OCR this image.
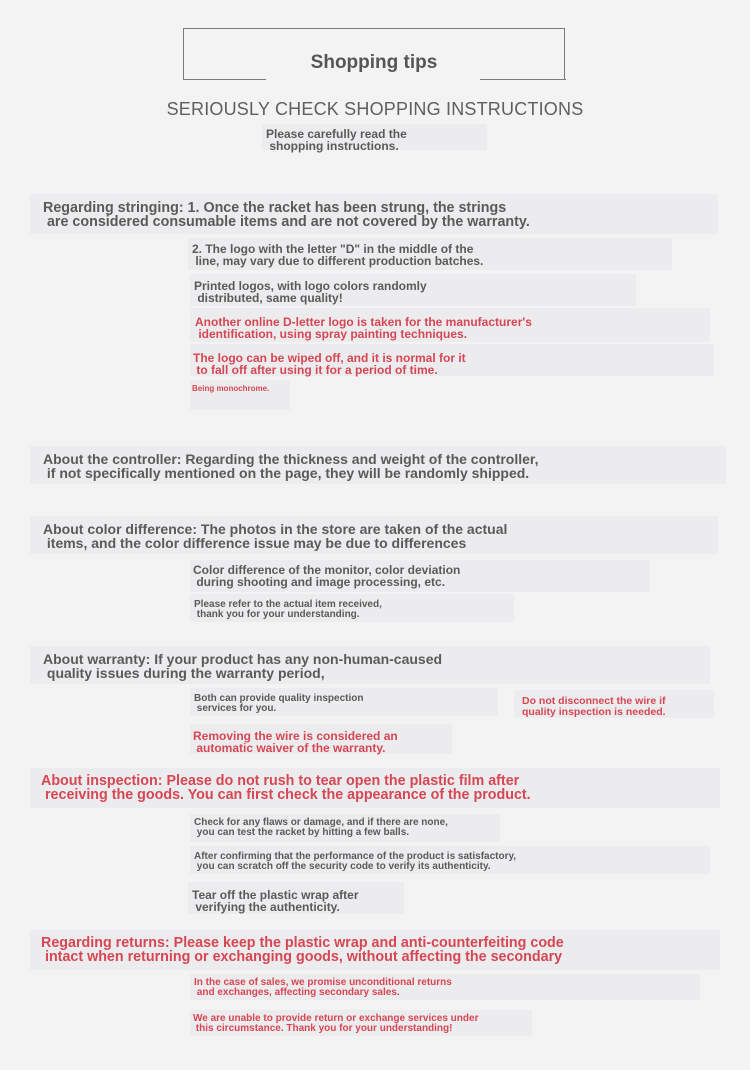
Shopping tips
SERIOUSLY CHECK SHOPPING INSTRUCTIONS
Please carefully read the
shopping instructions.
Regarding stringing: 1. Once the racket has been strung, the strings
are considered consumable items and are not covered by the warranty.
2. The logo with the letter "D" in the middle of the
line, may vary due to different production batches.
Printed logos, with logo colors randomly
distributed, same quality!
Another online D-letter logo is taken for the manufacturer's
identification, using spray painting techniques.
The logo can be wiped off, and it is normal for it
to fall off after using it for a period of time.
Being monochrome.
About the controller: Regarding the thickness and weight of the controller,
if not specifically mentioned on the page, they will be randomly shipped.
About color difference: The photos in the store are taken of the actual
items, and the color difference issue may be due to differences
Color difference of the monitor, color deviation
during shooting and image processing, etc.
Please refer to the actual item received,
thank you for your understanding.
About warranty: If your product has any non-human-caused
quality issues during the warranty period,
Both can provide quality inspection
services for you.
Do not disconnect the wire if
quality inspection is needed.
Removing the wire is considered an
automatic waiver of the warranty.
About inspection: Please do not rush to tear open the plastic film after
receiving the goods. You can first check the appearance of the product.
Check for any flaws or damage, and if there are none,
you can test the racket by hitting a few balls.
After confirming that the performance of the product is satisfactory,
you can scratch off the security code to verify its authenticity.
Tear off the plastic wrap after
verifying the authenticity.
Regarding returns: Please keep the plastic wrap and anti-counterfeiting code
intact when returning or exchanging goods, without affecting the secondary
In the case of sales, we promise unconditional returns
and exchanges, affecting secondary sales.
We are unable to provide return or exchange services under
this circumstance. Thank you for your understanding!
